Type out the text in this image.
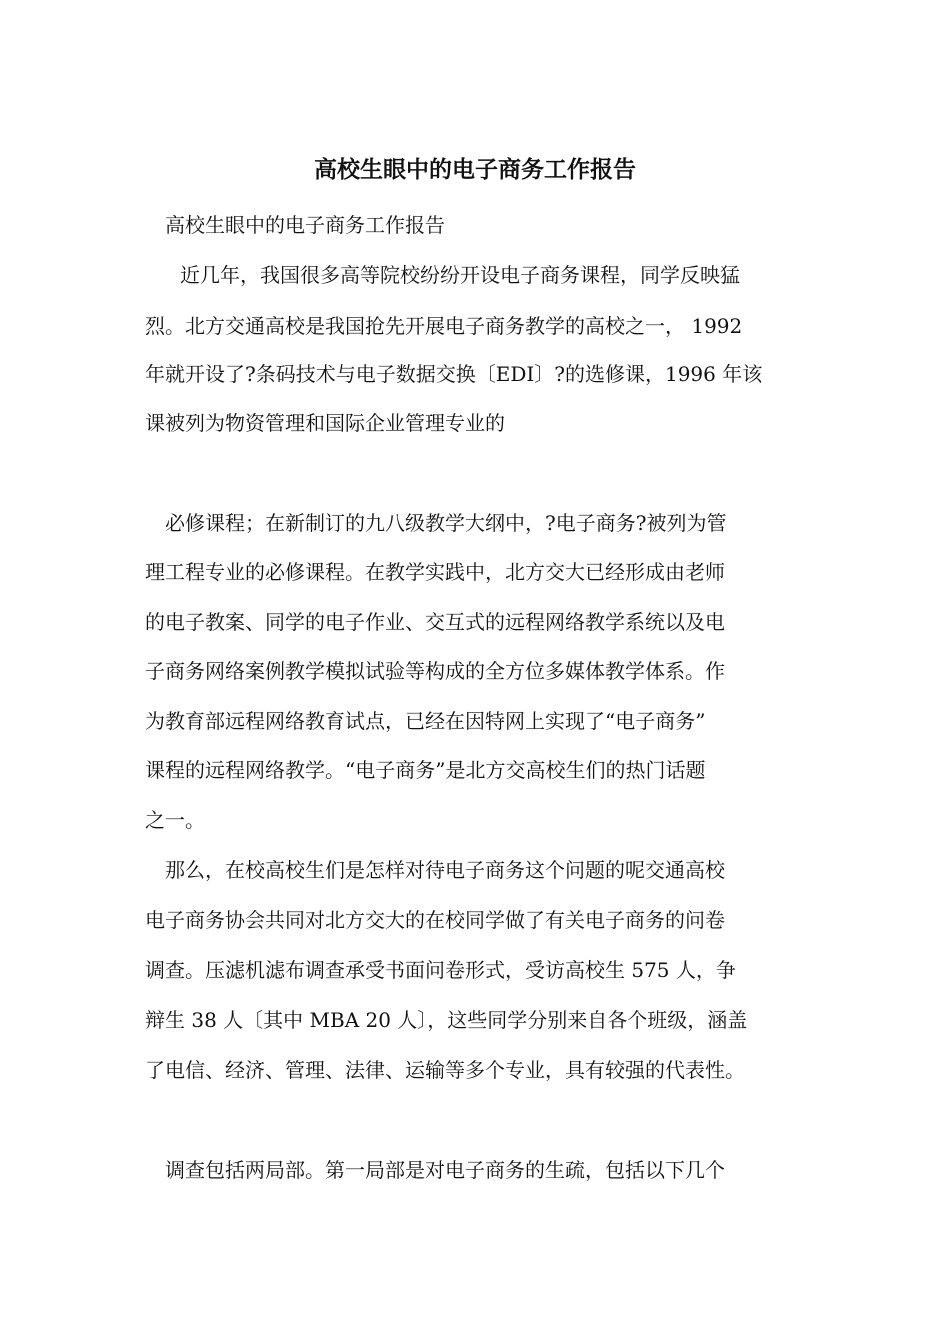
高校生眼中的电子商务工作报告

高校生眼中的电子商务工作报告

近几年，我国很多高等院校纷纷开设电子商务课程，同学反映猛

烈。北方交通高校是我国抢先开展电子商务教学的高校之一， 1992

年就开设了?条码技术与电子数据交换〔EDI〕?的选修课，1996 年该

课被列为物资管理和国际企业管理专业的

必修课程；在新制订的九八级教学大纲中，?电子商务?被列为管

理工程专业的必修课程。在教学实践中，北方交大已经形成由老师

的电子教案、同学的电子作业、交互式的远程网络教学系统以及电

子商务网络案例教学模拟试验等构成的全方位多媒体教学体系。作

为教育部远程网络教育试点，已经在因特网上实现了“电子商务”

课程的远程网络教学。“电子商务”是北方交高校生们的热门话题

之一。

那么，在校高校生们是怎样对待电子商务这个问题的呢交通高校

电子商务协会共同对北方交大的在校同学做了有关电子商务的问卷

调查。压滤机滤布调查承受书面问卷形式，受访高校生 575 人，争

辩生 38 人〔其中 MBA 20 人〕，这些同学分别来自各个班级，涵盖

了电信、经济、管理、法律、运输等多个专业，具有较强的代表性。

调查包括两局部。第一局部是对电子商务的生疏，包括以下几个
